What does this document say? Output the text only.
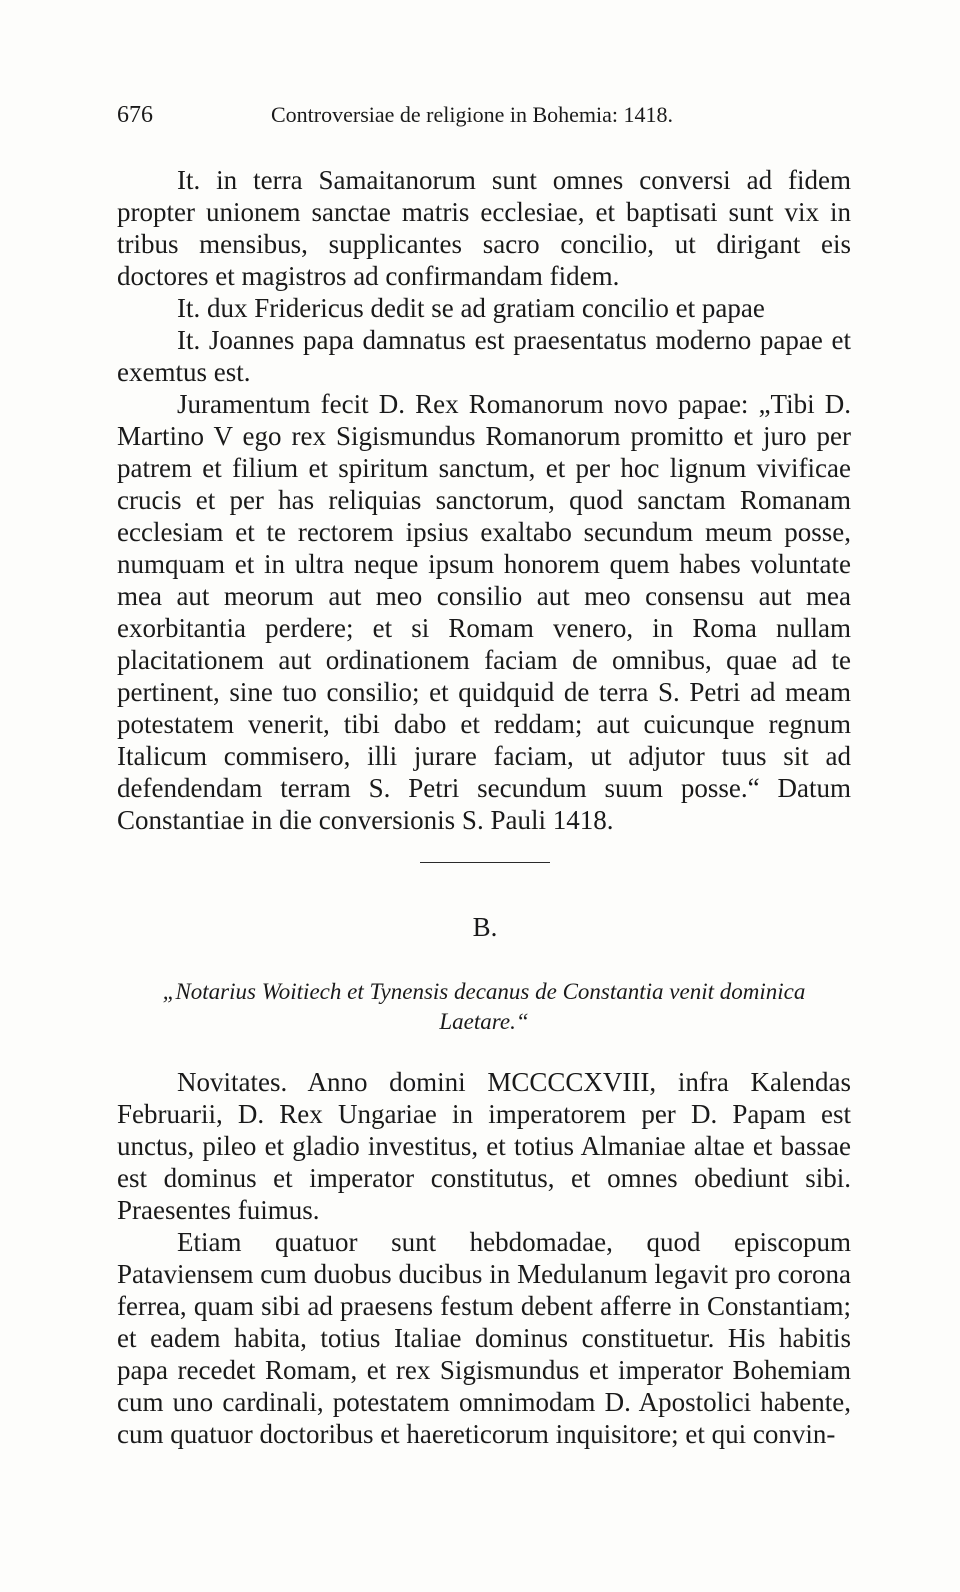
676	Controversiae de religione in Bohemia: 1418.

It. in terra Samaitanorum sunt omnes conversi ad fidem propter unionem sanctae matris ecclesiae, et baptisati sunt vix in tribus mensibus, supplicantes sacro concilio, ut dirigant eis doctores et magistros ad confirmandam fidem.

It. dux Fridericus dedit se ad gratiam concilio et papae

It. Joannes papa damnatus est praesentatus moderno papae et exemtus est.

Juramentum fecit D. Rex Romanorum novo papae: „Tibi D. Martino V ego rex Sigismundus Romanorum promitto et juro per patrem et filium et spiritum sanctum, et per hoc lignum vivificae crucis et per has reliquias sanctorum, quod sanctam Romanam ecclesiam et te rectorem ipsius exaltabo secundum meum posse, numquam et in ultra neque ipsum honorem quem habes voluntate mea aut meorum aut meo consilio aut meo consensu aut mea exorbitantia perdere; et si Romam venero, in Roma nullam placitationem aut ordinationem faciam de omnibus, quae ad te pertinent, sine tuo consilio; et quidquid de terra S. Petri ad meam potestatem venerit, tibi dabo et reddam; aut cuicunque regnum Italicum commisero, illi jurare faciam, ut adjutor tuus sit ad defendendam terram S. Petri secundum suum posse.“ Datum Constantiae in die conversionis S. Pauli 1418.

B.
„Notarius Woitiech et Tynensis decanus de Constantia venit dominica Laetare.“

Novitates. Anno domini MCCCCXVIII, infra Kalendas Februarii, D. Rex Ungariae in imperatorem per D. Papam est unctus, pileo et gladio investitus, et totius Almaniae altae et bassae est dominus et imperator constitutus, et omnes obediunt sibi. Praesentes fuimus.

Etiam quatuor sunt hebdomadae, quod episcopum Pataviensem cum duobus ducibus in Medulanum legavit pro corona ferrea, quam sibi ad praesens festum debent afferre in Constantiam; et eadem habita, totius Italiae dominus constituetur. His habitis papa recedet Romam, et rex Sigismundus et imperator Bohemiam cum uno cardinali, potestatem omnimodam D. Apostolici habente, cum quatuor doctoribus et haereticorum inquisitore; et qui convin-
